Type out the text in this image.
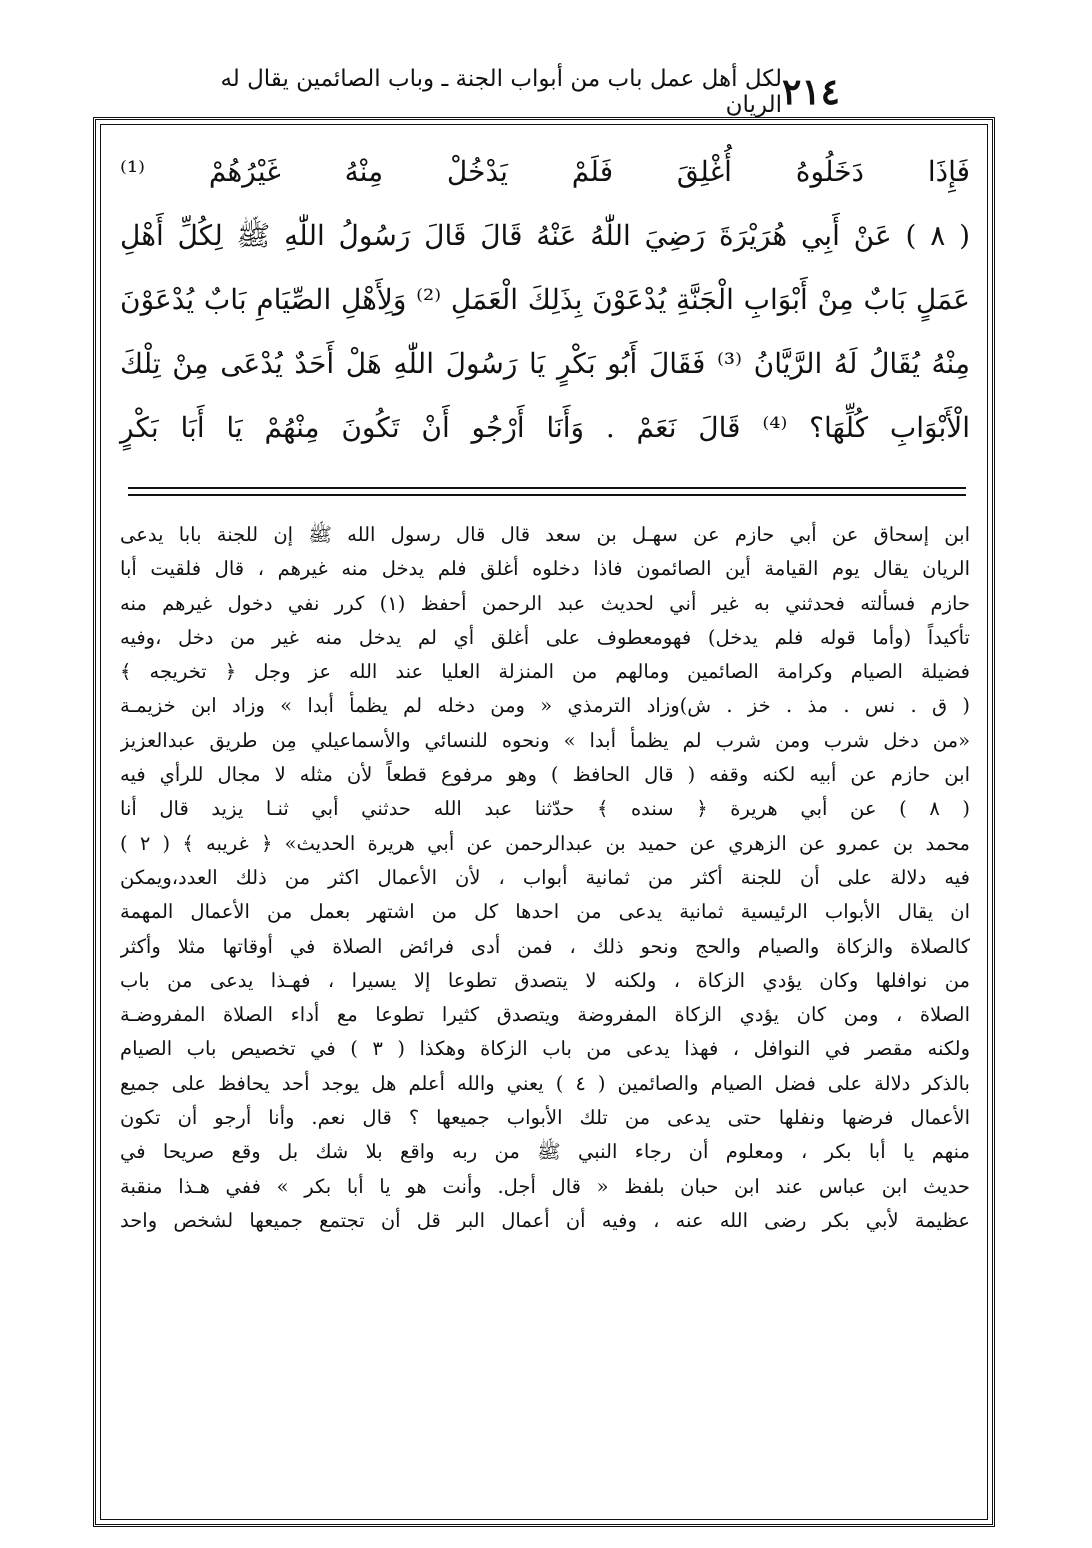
٢١٤
لكل أهل عمل باب من أبواب الجنة ـ وباب الصائمين يقال له الريان
فَإِذَا دَخَلُوهُ أُغْلِقَ فَلَمْ يَدْخُلْ مِنْهُ غَيْرُهُمْ ⁽¹⁾
( ٨ ) عَنْ أَبِي هُرَيْرَةَ رَضِيَ اللّٰهُ عَنْهُ قَالَ قَالَ رَسُولُ اللّٰهِ ﷺ لِكُلِّ أَهْلِ
عَمَلٍ بَابٌ مِنْ أَبْوَابِ الْجَنَّةِ يُدْعَوْنَ بِذَلِكَ الْعَمَلِ ⁽²⁾ وَلِأَهْلِ الصِّيَامِ بَابٌ يُدْعَوْنَ
مِنْهُ يُقَالُ لَهُ الرَّيَّانُ ⁽³⁾ فَقَالَ أَبُو بَكْرٍ يَا رَسُولَ اللّٰهِ هَلْ أَحَدٌ يُدْعَى مِنْ تِلْكَ
الْأَبْوَابِ كُلِّهَا؟ ⁽⁴⁾ قَالَ نَعَمْ . وَأَنَا أَرْجُو أَنْ تَكُونَ مِنْهُمْ يَا أَبَا بَكْرٍ
ابن إسحاق عن أبي حازم عن سهـل بن سعد قال قال رسول الله ﷺ إن للجنة بابا يدعى
الريان يقال يوم القيامة أين الصائمون فاذا دخلوه أغلق فلم يدخل منه غيرهم ، قال فلقيت أبا
حازم فسألته فحدثني به غير أني لحديث عبد الرحمن أحفظ (١) كرر نفي دخول غيرهم منه
تأكيداً (وأما قوله فلم يدخل) فهومعطوف على أغلق أي لم يدخل منه غير من دخل ،وفيه
فضيلة الصيام وكرامة الصائمين ومالهم من المنزلة العليا عند الله عز وجل ﴿ تخريجه ﴾
( ق . نس . مذ . خز . ش)وزاد الترمذي « ومن دخله لم يظمأ أبدا » وزاد ابن خزيمـة
«من دخل شرب ومن شرب لم يظمأ أبدا » ونحوه للنسائي والأسماعيلي مِن طريق عبدالعزيز
ابن حازم عن أبيه لكنه وقفه ( قال الحافظ ) وهو مرفوع قطعاً لأن مثله لا مجال للرأي فيه
( ٨ ) عن أبي هريرة ﴿ سنده ﴾ حدّثنا عبد الله حدثني أبي ثنـا يزيد قال أنا
محمد بن عمرو عن الزهري عن حميد بن عبدالرحمن عن أبي هريرة الحديث» ﴿ غريبه ﴾ ( ٢ )
فيه دلالة على أن للجنة أكثر من ثمانية أبواب ، لأن الأعمال اكثر من ذلك العدد،ويمكن
ان يقال الأبواب الرئيسية ثمانية يدعى من احدها كل من اشتهر بعمل من الأعمال المهمة
كالصلاة والزكاة والصيام والحج ونحو ذلك ، فمن أدى فرائض الصلاة في أوقاتها مثلا وأكثر
من نوافلها وكان يؤدي الزكاة ، ولكنه لا يتصدق تطوعا إلا يسيرا ، فهـذا يدعى من باب
الصلاة ، ومن كان يؤدي الزكاة المفروضة ويتصدق كثيرا تطوعا مع أداء الصلاة المفروضـة
ولكنه مقصر في النوافل ، فهذا يدعى من باب الزكاة وهكذا ( ٣ ) في تخصيص باب الصيام
بالذكر دلالة على فضل الصيام والصائمين ( ٤ ) يعني والله أعلم هل يوجد أحد يحافظ على جميع
الأعمال فرضها ونفلها حتى يدعى من تلك الأبواب جميعها ؟ قال نعم. وأنا أرجو أن تكون
منهم يا أبا بكر ، ومعلوم أن رجاء النبي ﷺ من ربه واقع بلا شك بل وقع صريحا في
حديث ابن عباس عند ابن حبان بلفظ « قال أجل. وأنت هو يا أبا بكر » ففي هـذا منقبة
عظيمة لأبي بكر رضى الله عنه ، وفيه أن أعمال البر قل أن تجتمع جميعها لشخص واحد
